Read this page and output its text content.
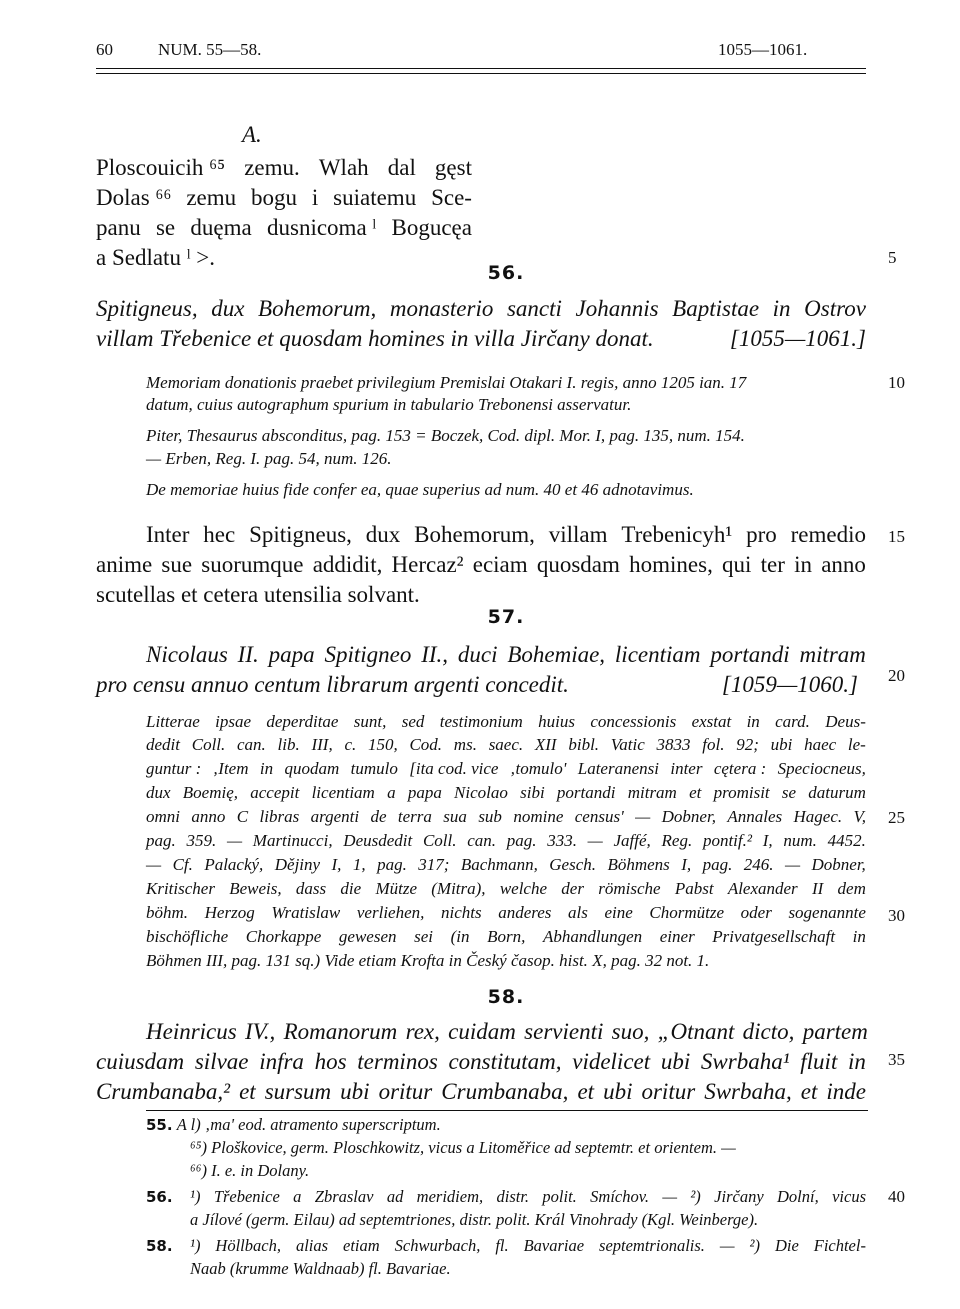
60	NUM. 55—58.	1055—1061.
A.
Ploscouicih ⁶⁵ zemu. Wlah dal gęst
Dolas ⁶⁶ zemu bogu i suiatemu Sce-
panu se duęma dusnicoma ˡ Bogucęa
a Sedlatu ˡ >.
56.
Spitigneus, dux Bohemorum, monasterio sancti Johannis Baptistae in Ostrov
villam Třebenice et quosdam homines in villa Jirčany donat.	[1055—1061.]
Memoriam donationis praebet privilegium Premislai Otakari I. regis, anno 1205 ian. 17
datum, cuius autographum spurium in tabulario Trebonensi asservatur.
Piter, Thesaurus absconditus, pag. 153 = Boczek, Cod. dipl. Mor. I, pag. 135, num. 154.
— Erben, Reg. I. pag. 54, num. 126.
De memoriae huius fide confer ea, quae superius ad num. 40 et 46 adnotavimus.
Inter hec Spitigneus, dux Bohemorum, villam Trebenicyh¹ pro remedio
anime sue suorumque addidit, Hercaz² eciam quosdam homines, qui ter in anno
scutellas et cetera utensilia solvant.
57.
Nicolaus II. papa Spitigneo II., duci Bohemiae, licentiam portandi mitram
pro censu annuo centum librarum argenti concedit.	[1059—1060.]
Litterae ipsae deperditae sunt, sed testimonium huius concessionis exstat in card. Deus-
dedit Coll. can. lib. III, c. 150, Cod. ms. saec. XII bibl. Vatic 3833 fol. 92; ubi haec le-
guntur : ‚Item in quodam tumulo [ita cod. vice ‚tomulo' Lateranensi inter cętera : Speciocneus,
dux Boemię, accepit licentiam a papa Nicolao sibi portandi mitram et promisit se daturum
omni anno C libras argenti de terra sua sub nomine census' — Dobner, Annales Hagec. V,
pag. 359. — Martinucci, Deusdedit Coll. can. pag. 333. — Jaffé, Reg. pontif.² I, num. 4452.
— Cf. Palacký, Dějiny I, 1, pag. 317; Bachmann, Gesch. Böhmens I, pag. 246. — Dobner,
Kritischer Beweis, dass die Mütze (Mitra), welche der römische Pabst Alexander II dem
böhm. Herzog Wratislaw verliehen, nichts anderes als eine Chormütze oder sogenannte
bischöfliche Chorkappe gewesen sei (in Born, Abhandlungen einer Privatgesellschaft in
Böhmen III, pag. 131 sq.) Vide etiam Krofta in Český časop. hist. X, pag. 32 not. 1.
58.
Heinricus IV., Romanorum rex, cuidam servienti suo, „Otnant dicto, partem
cuiusdam silvae infra hos terminos constitutam, videlicet ubi Swrbaha¹ fluit in
Crumbanaba,² et sursum ubi oritur Crumbanaba, et ubi oritur Swrbaha, et inde
55. A l) ‚ma' eod. atramento superscriptum.
⁶⁵) Ploškovice, germ. Ploschkowitz, vicus a Litoměřice ad septemtr. et orientem. —
⁶⁶) I. e. in Dolany.
56. ¹) Třebenice a Zbraslav ad meridiem, distr. polit. Smíchov. — ²) Jirčany Dolní, vicus
a Jílové (germ. Eilau) ad septemtriones, distr. polit. Král Vinohrady (Kgl. Weinberge).
58. ¹) Höllbach, alias etiam Schwurbach, fl. Bavariae septemtrionalis. — ²) Die Fichtel-
Naab (krumme Waldnaab) fl. Bavariae.
5
10
15
20
25
30
35
40
